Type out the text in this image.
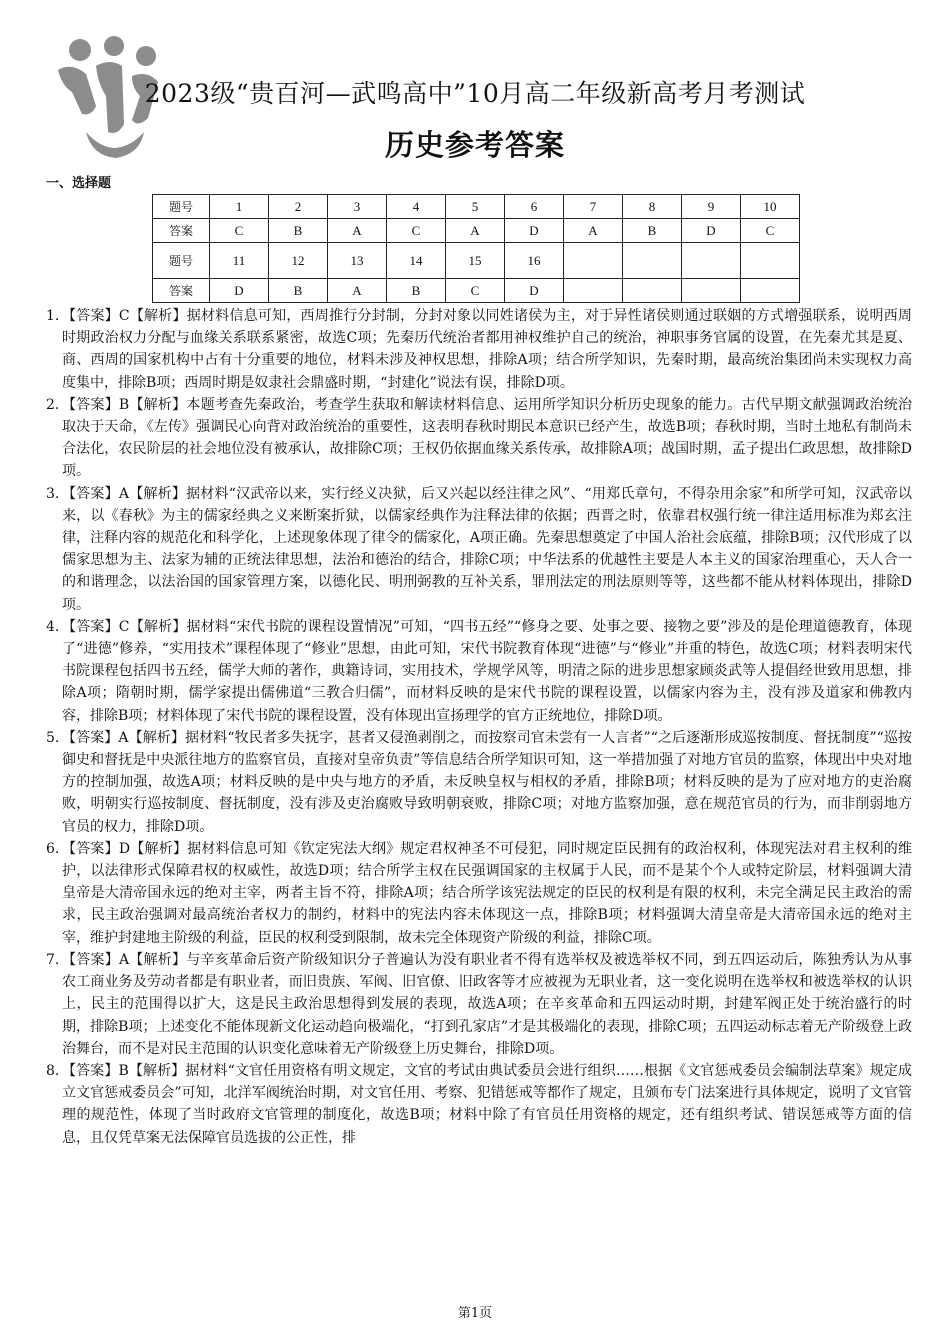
2023级“贵百河—武鸣高中”10月高二年级新高考月考测试
历史参考答案
一、选择题
题号	1	2	3	4	5	6	7	8	9	10
答案	C	B	A	C	A	D	A	B	D	C
题号	11	12	13	14	15	16				
答案	D	B	A	B	C	D				
1. 【答案】C【解析】据材料信息可知，西周推行分封制，分封对象以同姓诸侯为主，对于异性诸侯则通过联姻的方式增强联系，说明西周时期政治权力分配与血缘关系联系紧密，故选C项；先秦历代统治者都用神权维护自己的统治，神职事务官属的设置，在先秦尤其是夏、商、西周的国家机构中占有十分重要的地位，材料未涉及神权思想，排除A项；结合所学知识，先秦时期，最高统治集团尚未实现权力高度集中，排除B项；西周时期是奴隶社会鼎盛时期，“封建化”说法有误，排除D项。
2. 【答案】B【解析】本题考查先秦政治，考查学生获取和解读材料信息、运用所学知识分析历史现象的能力。古代早期文献强调政治统治取决于天命，《左传》强调民心向背对政治统治的重要性，这表明春秋时期民本意识已经产生，故选B项；春秋时期，当时土地私有制尚未合法化，农民阶层的社会地位没有被承认，故排除C项；王权仍依据血缘关系传承，故排除A项；战国时期，孟子提出仁政思想，故排除D项。
3. 【答案】A【解析】据材料“汉武帝以来，实行经义决狱，后又兴起以经注律之风”、“用郑氏章句，不得杂用余家”和所学可知，汉武帝以来，以《春秋》为主的儒家经典之义来断案折狱，以儒家经典作为注释法律的依据；西晋之时，依靠君权强行统一律注适用标准为郑玄注律，注释内容的规范化和科学化，上述现象体现了律令的儒家化，A项正确。先秦思想奠定了中国人治社会底蕴，排除B项；汉代形成了以儒家思想为主、法家为辅的正统法律思想，法治和德治的结合，排除C项；中华法系的优越性主要是人本主义的国家治理重心，天人合一的和谐理念，以法治国的国家管理方案，以德化民、明刑弼教的互补关系，罪刑法定的刑法原则等等，这些都不能从材料体现出，排除D项。
4. 【答案】C【解析】据材料“宋代书院的课程设置情况”可知，“四书五经”“修身之要、处事之要、接物之要”涉及的是伦理道德教育，体现了“进德”修养，“实用技术”课程体现了“修业”思想，由此可知，宋代书院教育体现“进德”与“修业”并重的特色，故选C项；材料表明宋代书院课程包括四书五经，儒学大师的著作，典籍诗词，实用技术，学规学风等，明清之际的进步思想家顾炎武等人提倡经世致用思想，排除A项；隋朝时期，儒学家提出儒佛道“三教合归儒”，而材料反映的是宋代书院的课程设置，以儒家内容为主，没有涉及道家和佛教内容，排除B项；材料体现了宋代书院的课程设置，没有体现出宣扬理学的官方正统地位，排除D项。
5. 【答案】A【解析】据材料“牧民者多失抚字，甚者又侵渔剥削之，而按察司官未尝有一人言者”“之后逐渐形成巡按制度、督抚制度”“巡按御史和督抚是中央派往地方的监察官员，直接对皇帝负责”等信息结合所学知识可知，这一举措加强了对地方官员的监察，体现出中央对地方的控制加强，故选A项；材料反映的是中央与地方的矛盾，未反映皇权与相权的矛盾，排除B项；材料反映的是为了应对地方的吏治腐败，明朝实行巡按制度、督抚制度，没有涉及吏治腐败导致明朝衰败，排除C项；对地方监察加强，意在规范官员的行为，而非削弱地方官员的权力，排除D项。
6. 【答案】D【解析】据材料信息可知《钦定宪法大纲》规定君权神圣不可侵犯，同时规定臣民拥有的政治权利，体现宪法对君主权利的维护，以法律形式保障君权的权威性，故选D项；结合所学主权在民强调国家的主权属于人民，而不是某个个人或特定阶层，材料强调大清皇帝是大清帝国永远的绝对主宰，两者主旨不符，排除A项；结合所学该宪法规定的臣民的权利是有限的权利，未完全满足民主政治的需求，民主政治强调对最高统治者权力的制约，材料中的宪法内容未体现这一点，排除B项；材料强调大清皇帝是大清帝国永远的绝对主宰，维护封建地主阶级的利益，臣民的权利受到限制，故未完全体现资产阶级的利益，排除C项。
7. 【答案】A【解析】与辛亥革命后资产阶级知识分子普遍认为没有职业者不得有选举权及被选举权不同，到五四运动后，陈独秀认为从事农工商业务及劳动者都是有职业者，而旧贵族、军阀、旧官僚、旧政客等才应被视为无职业者，这一变化说明在选举权和被选举权的认识上，民主的范围得以扩大，这是民主政治思想得到发展的表现，故选A项；在辛亥革命和五四运动时期，封建军阀正处于统治盛行的时期，排除B项；上述变化不能体现新文化运动趋向极端化，“打到孔家店”才是其极端化的表现，排除C项；五四运动标志着无产阶级登上政治舞台，而不是对民主范围的认识变化意味着无产阶级登上历史舞台，排除D项。
8. 【答案】B【解析】据材料“文官任用资格有明文规定，文官的考试由典试委员会进行组织……根据《文官惩戒委员会编制法草案》规定成立文官惩戒委员会”可知，北洋军阀统治时期，对文官任用、考察、犯错惩戒等都作了规定，且颁布专门法案进行具体规定，说明了文官管理的规范性，体现了当时政府文官管理的制度化，故选B项；材料中除了有官员任用资格的规定，还有组织考试、错误惩戒等方面的信息，且仅凭草案无法保障官员选拔的公正性，排
第1页
